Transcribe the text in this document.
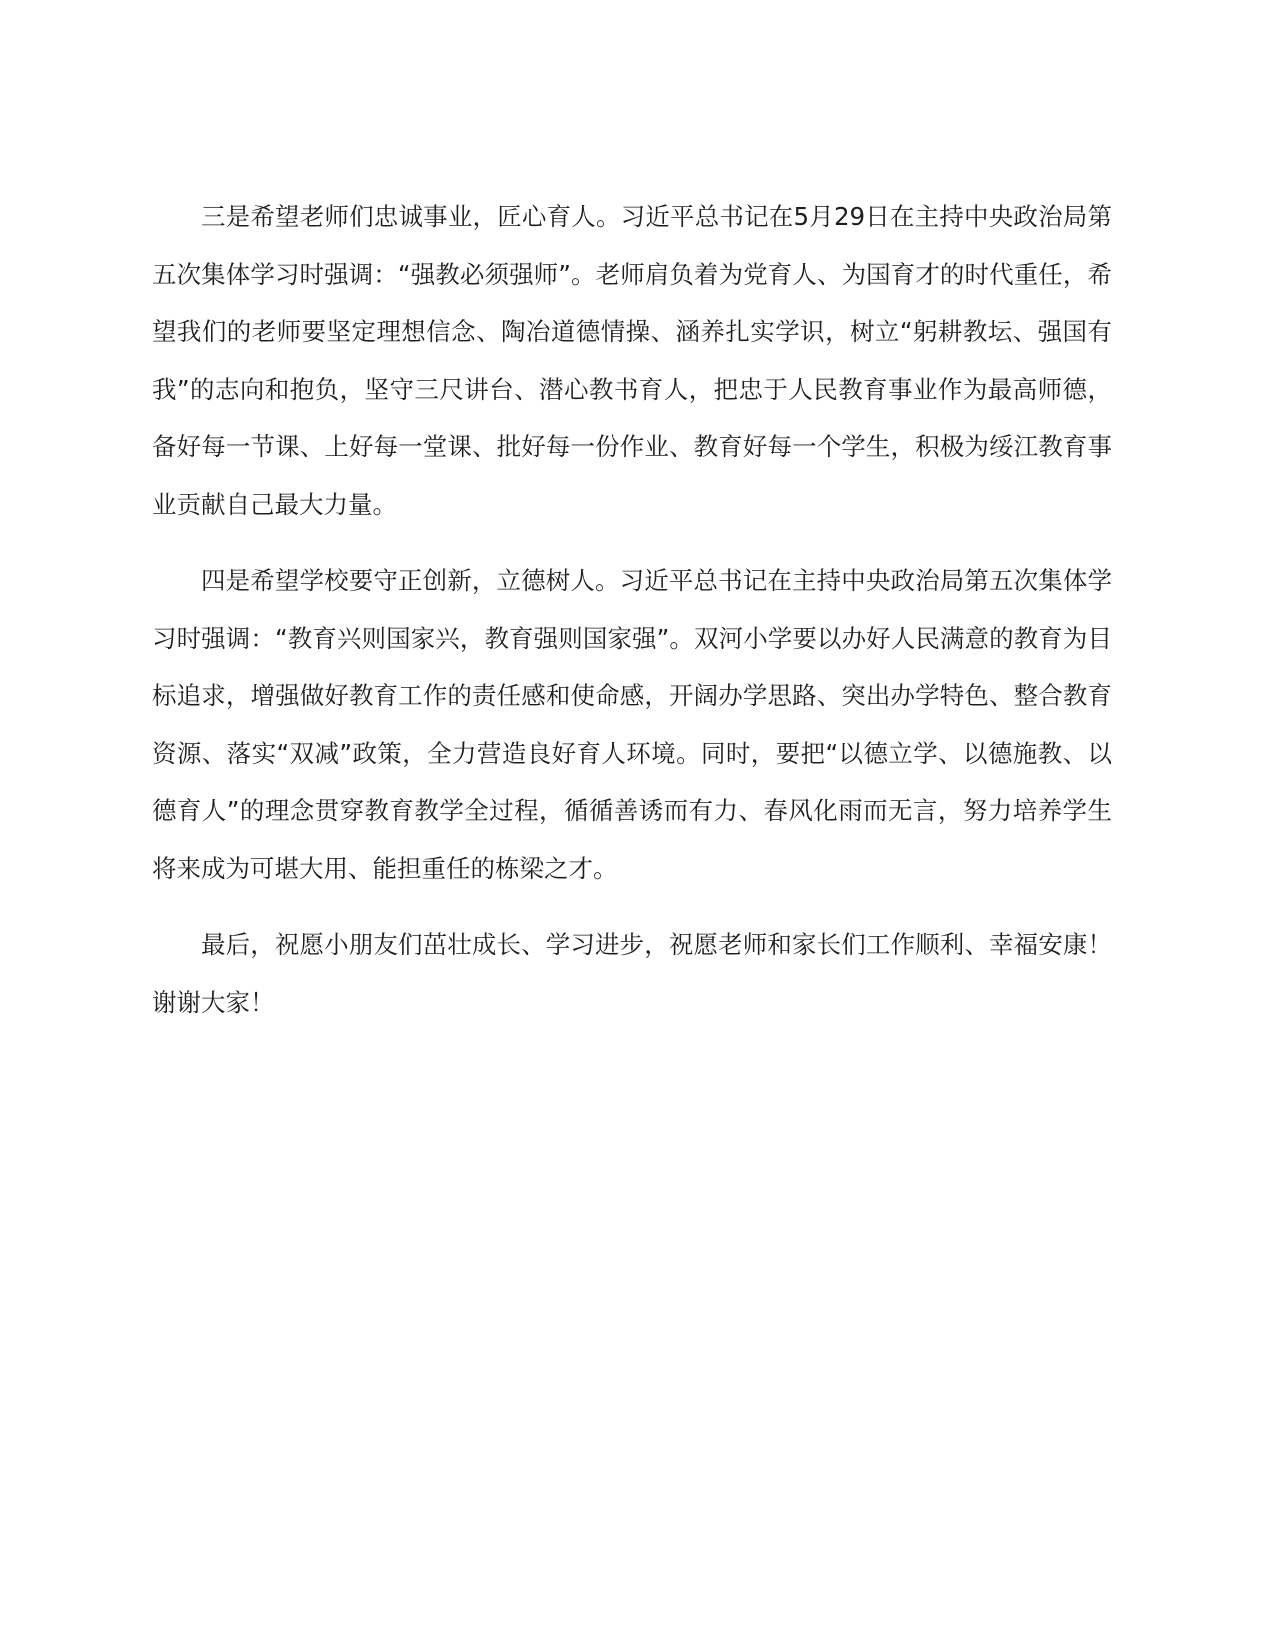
三是希望老师们忠诚事业，匠心育人。习近平总书记在5月29日在主持中央政治局第五次集体学习时强调：“强教必须强师”。老师肩负着为党育人、为国育才的时代重任，希望我们的老师要坚定理想信念、陶冶道德情操、涵养扎实学识，树立“躬耕教坛、强国有我”的志向和抱负，坚守三尺讲台、潜心教书育人，把忠于人民教育事业作为最高师德，备好每一节课、上好每一堂课、批好每一份作业、教育好每一个学生，积极为绥江教育事业贡献自己最大力量。

四是希望学校要守正创新，立德树人。习近平总书记在主持中央政治局第五次集体学习时强调：“教育兴则国家兴，教育强则国家强”。双河小学要以办好人民满意的教育为目标追求，增强做好教育工作的责任感和使命感，开阔办学思路、突出办学特色、整合教育资源、落实“双减”政策，全力营造良好育人环境。同时，要把“以德立学、以德施教、以德育人”的理念贯穿教育教学全过程，循循善诱而有力、春风化雨而无言，努力培养学生将来成为可堪大用、能担重任的栋梁之才。

最后，祝愿小朋友们茁壮成长、学习进步，祝愿老师和家长们工作顺利、幸福安康！谢谢大家！
